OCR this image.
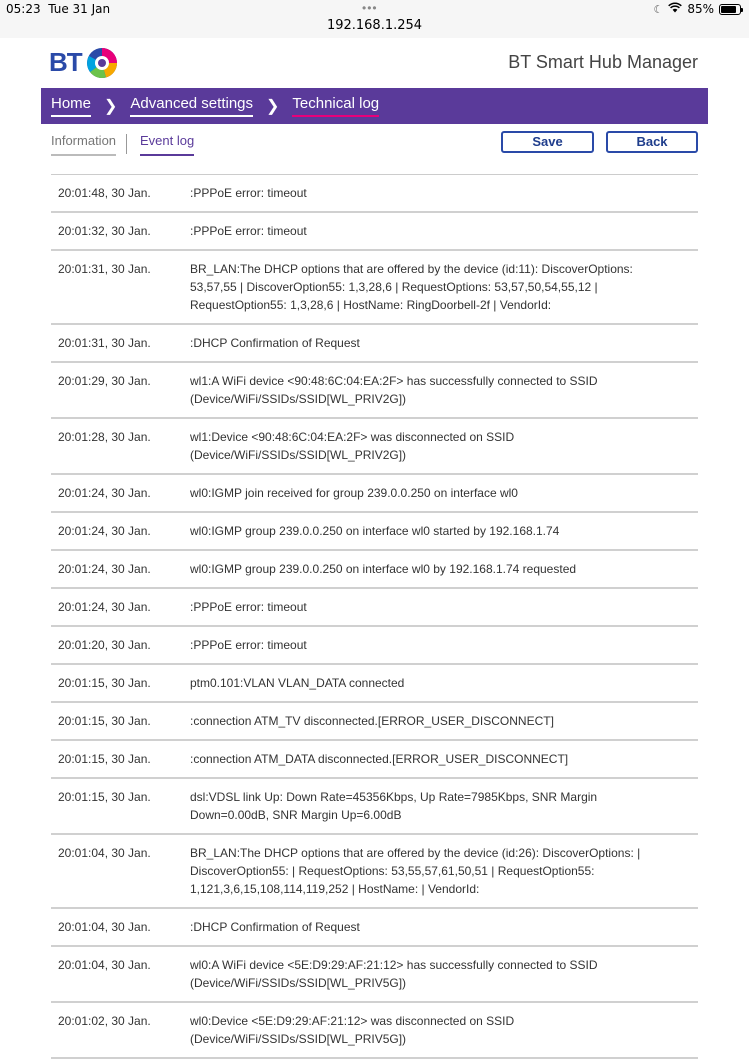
05:23 Tue 31 Jan	•••
192.168.1.254
☾ 85%
BT	BT Smart Hub Manager
Home ❯ Advanced settings ❯ Technical log
Information Event log	Save	Back
20:01:48, 30 Jan.	:PPPoE error: timeout
20:01:32, 30 Jan.	:PPPoE error: timeout
20:01:31, 30 Jan.	BR_LAN:The DHCP options that are offered by the device (id:11): DiscoverOptions: 53,57,55 | DiscoverOption55: 1,3,28,6 | RequestOptions: 53,57,50,54,55,12 | RequestOption55: 1,3,28,6 | HostName: RingDoorbell-2f | VendorId:
20:01:31, 30 Jan.	:DHCP Confirmation of Request
20:01:29, 30 Jan.	wl1:A WiFi device <90:48:6C:04:EA:2F> has successfully connected to SSID (Device/WiFi/SSIDs/SSID[WL_PRIV2G])
20:01:28, 30 Jan.	wl1:Device <90:48:6C:04:EA:2F> was disconnected on SSID (Device/WiFi/SSIDs/SSID[WL_PRIV2G])
20:01:24, 30 Jan.	wl0:IGMP join received for group 239.0.0.250 on interface wl0
20:01:24, 30 Jan.	wl0:IGMP group 239.0.0.250 on interface wl0 started by 192.168.1.74
20:01:24, 30 Jan.	wl0:IGMP group 239.0.0.250 on interface wl0 by 192.168.1.74 requested
20:01:24, 30 Jan.	:PPPoE error: timeout
20:01:20, 30 Jan.	:PPPoE error: timeout
20:01:15, 30 Jan.	ptm0.101:VLAN VLAN_DATA connected
20:01:15, 30 Jan.	:connection ATM_TV disconnected.[ERROR_USER_DISCONNECT]
20:01:15, 30 Jan.	:connection ATM_DATA disconnected.[ERROR_USER_DISCONNECT]
20:01:15, 30 Jan.	dsl:VDSL link Up: Down Rate=45356Kbps, Up Rate=7985Kbps, SNR Margin Down=0.00dB, SNR Margin Up=6.00dB
20:01:04, 30 Jan.	BR_LAN:The DHCP options that are offered by the device (id:26): DiscoverOptions: | DiscoverOption55: | RequestOptions: 53,55,57,61,50,51 | RequestOption55: 1,121,3,6,15,108,114,119,252 | HostName: | VendorId:
20:01:04, 30 Jan.	:DHCP Confirmation of Request
20:01:04, 30 Jan.	wl0:A WiFi device <5E:D9:29:AF:21:12> has successfully connected to SSID (Device/WiFi/SSIDs/SSID[WL_PRIV5G])
20:01:02, 30 Jan.	wl0:Device <5E:D9:29:AF:21:12> was disconnected on SSID (Device/WiFi/SSIDs/SSID[WL_PRIV5G])
